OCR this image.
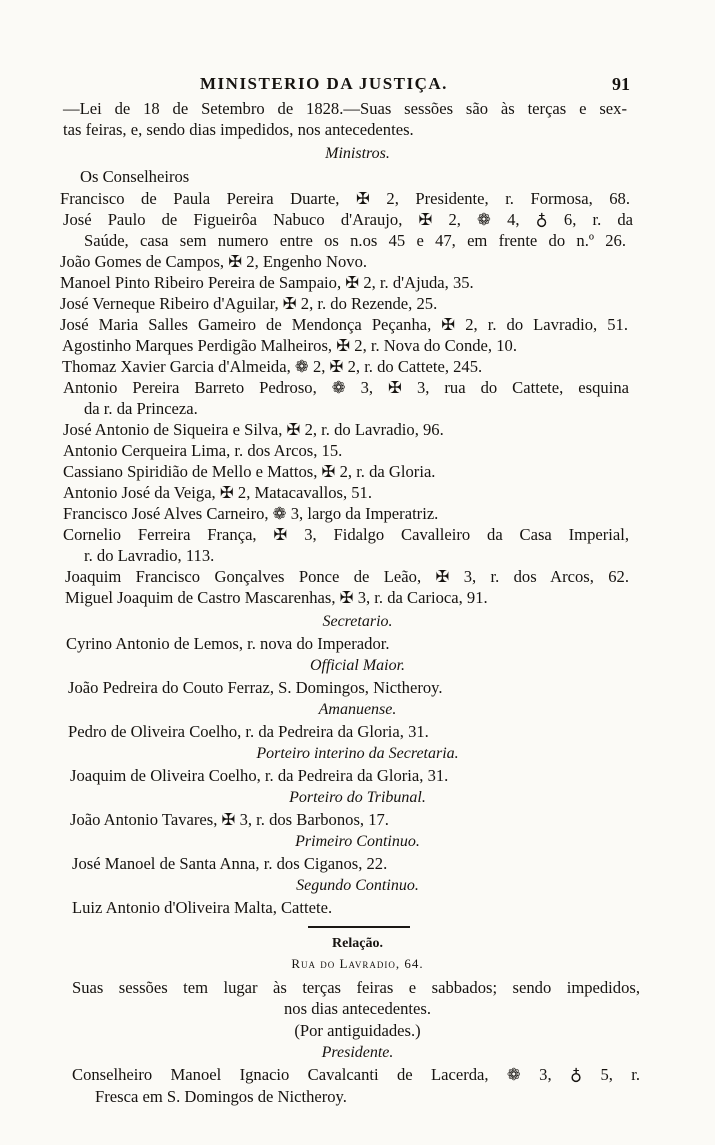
MINISTERIO DA JUSTIÇA.	91
—Lei de 18 de Setembro de 1828.—Suas sessões são às terças e sex-
tas feiras, e, sendo dias impedidos, nos antecedentes.
Ministros.
Os Conselheiros
Francisco de Paula Pereira Duarte, ✠ 2, Presidente, r. Formosa, 68.
José Paulo de Figueirôa Nabuco d'Araujo, ✠ 2, ❁ 4, ♁ 6, r. da
Saúde, casa sem numero entre os n.os 45 e 47, em frente do n.º 26.
João Gomes de Campos, ✠ 2, Engenho Novo.
Manoel Pinto Ribeiro Pereira de Sampaio, ✠ 2, r. d'Ajuda, 35.
José Verneque Ribeiro d'Aguilar, ✠ 2, r. do Rezende, 25.
José Maria Salles Gameiro de Mendonça Peçanha, ✠ 2, r. do Lavradio, 51.
Agostinho Marques Perdigão Malheiros, ✠ 2, r. Nova do Conde, 10.
Thomaz Xavier Garcia d'Almeida, ❁ 2, ✠ 2, r. do Cattete, 245.
Antonio Pereira Barreto Pedroso, ❁ 3, ✠ 3, rua do Cattete, esquina
da r. da Princeza.
José Antonio de Siqueira e Silva, ✠ 2, r. do Lavradio, 96.
Antonio Cerqueira Lima, r. dos Arcos, 15.
Cassiano Spiridião de Mello e Mattos, ✠ 2, r. da Gloria.
Antonio José da Veiga, ✠ 2, Matacavallos, 51.
Francisco José Alves Carneiro, ❁ 3, largo da Imperatriz.
Cornelio Ferreira França, ✠ 3, Fidalgo Cavalleiro da Casa Imperial,
r. do Lavradio, 113.
Joaquim Francisco Gonçalves Ponce de Leão, ✠ 3, r. dos Arcos, 62.
Miguel Joaquim de Castro Mascarenhas, ✠ 3, r. da Carioca, 91.
Secretario.
Cyrino Antonio de Lemos, r. nova do Imperador.
Official Maior.
João Pedreira do Couto Ferraz, S. Domingos, Nictheroy.
Amanuense.
Pedro de Oliveira Coelho, r. da Pedreira da Gloria, 31.
Porteiro interino da Secretaria.
Joaquim de Oliveira Coelho, r. da Pedreira da Gloria, 31.
Porteiro do Tribunal.
João Antonio Tavares, ✠ 3, r. dos Barbonos, 17.
Primeiro Continuo.
José Manoel de Santa Anna, r. dos Ciganos, 22.
Segundo Continuo.
Luiz Antonio d'Oliveira Malta, Cattete.
Relação.
Rua do Lavradio, 64.
Suas sessões tem lugar às terças feiras e sabbados; sendo impedidos,
nos dias antecedentes.
(Por antiguidades.)
Presidente.
Conselheiro Manoel Ignacio Cavalcanti de Lacerda, ❁ 3, ♁ 5, r.
Fresca em S. Domingos de Nictheroy.
